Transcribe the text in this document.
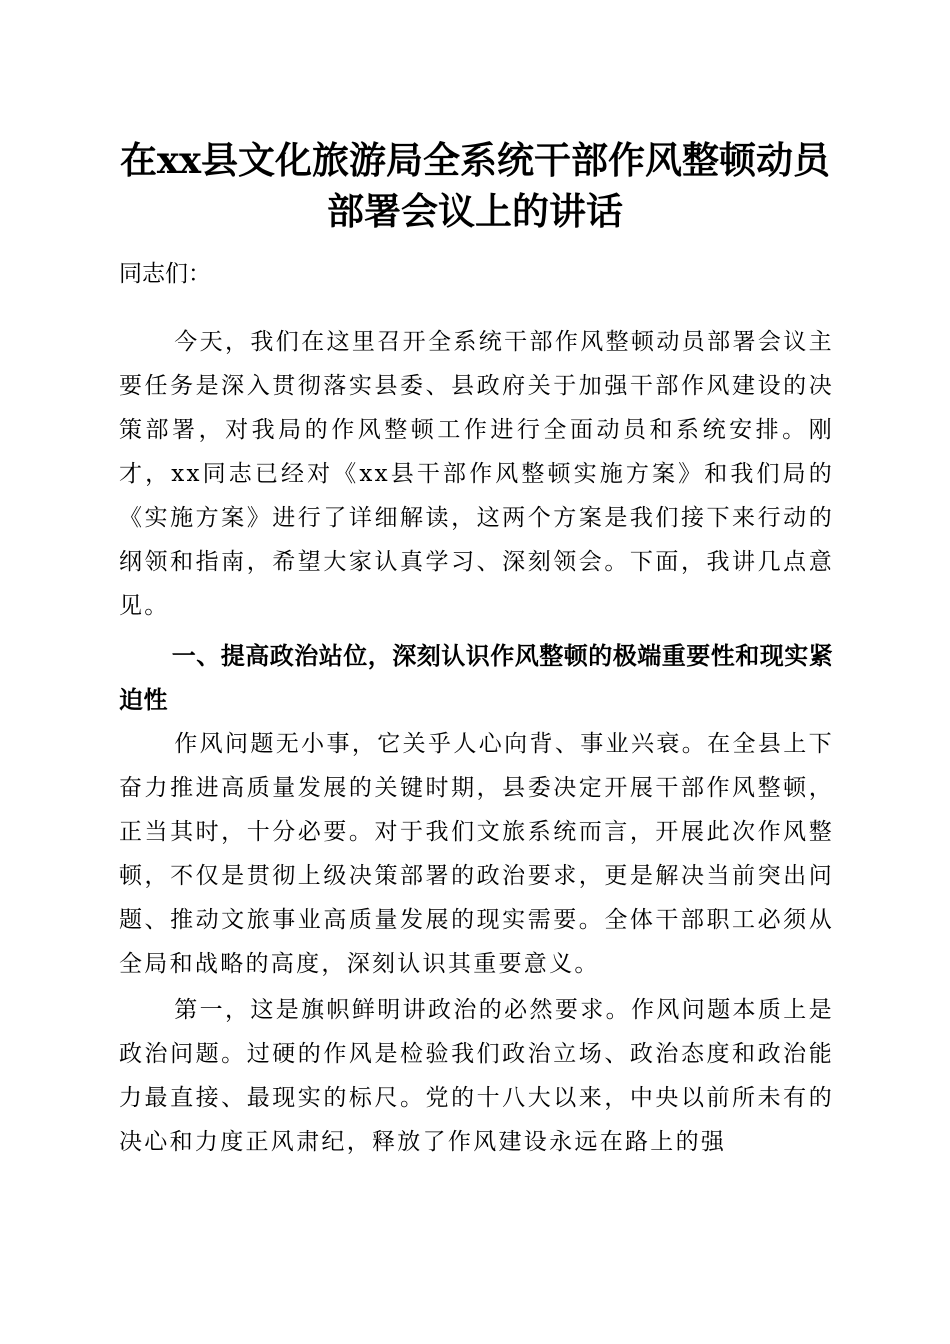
在xx县文化旅游局全系统干部作风整顿动员
部署会议上的讲话
同志们：
今天，我们在这里召开全系统干部作风整顿动员部署会议主要任务是深入贯彻落实县委、县政府关于加强干部作风建设的决策部署，对我局的作风整顿工作进行全面动员和系统安排。刚才，xx同志已经对《xx县干部作风整顿实施方案》和我们局的《实施方案》进行了详细解读，这两个方案是我们接下来行动的纲领和指南，希望大家认真学习、深刻领会。下面，我讲几点意见。
一、提高政治站位，深刻认识作风整顿的极端重要性和现实紧迫性
作风问题无小事，它关乎人心向背、事业兴衰。在全县上下奋力推进高质量发展的关键时期，县委决定开展干部作风整顿，正当其时，十分必要。对于我们文旅系统而言，开展此次作风整顿，不仅是贯彻上级决策部署的政治要求，更是解决当前突出问题、推动文旅事业高质量发展的现实需要。全体干部职工必须从全局和战略的高度，深刻认识其重要意义。
第一，这是旗帜鲜明讲政治的必然要求。作风问题本质上是政治问题。过硬的作风是检验我们政治立场、政治态度和政治能力最直接、最现实的标尺。党的十八大以来，中央以前所未有的决心和力度正风肃纪，释放了作风建设永远在路上的强
